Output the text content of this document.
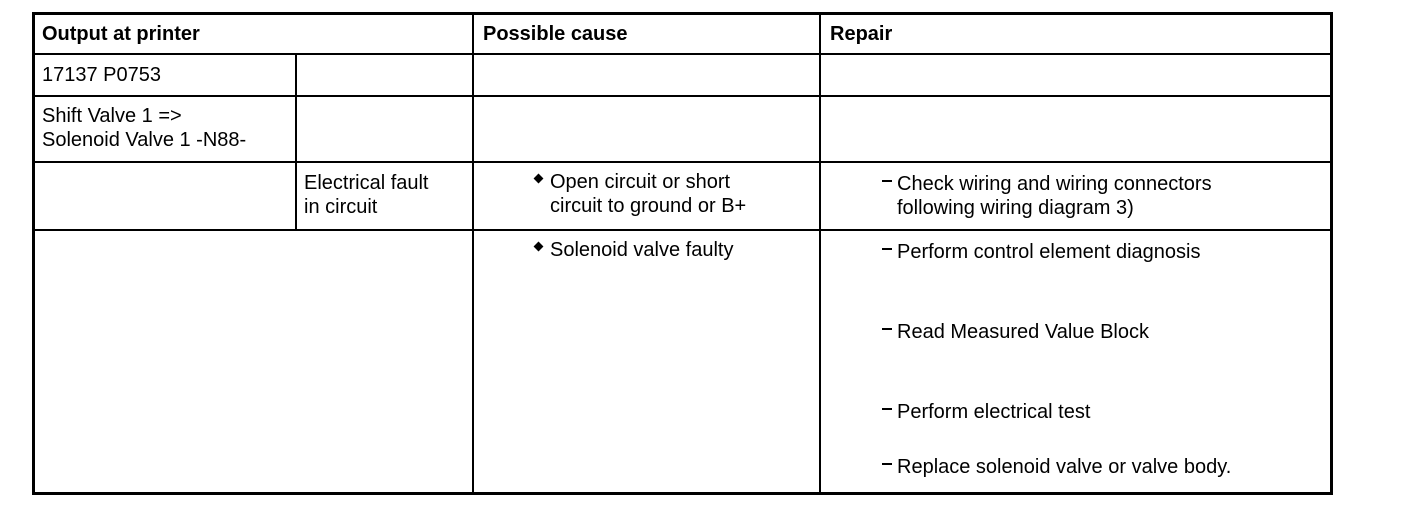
Output at printer	Possible cause	Repair
17137 P0753
Shift Valve 1 =>
Solenoid Valve 1 -N88-
Electrical fault
in circuit
Open circuit or short
circuit to ground or B+
Solenoid valve faulty
Check wiring and wiring connectors
following wiring diagram 3)
Perform control element diagnosis
Read Measured Value Block
Perform electrical test
Replace solenoid valve or valve body.
